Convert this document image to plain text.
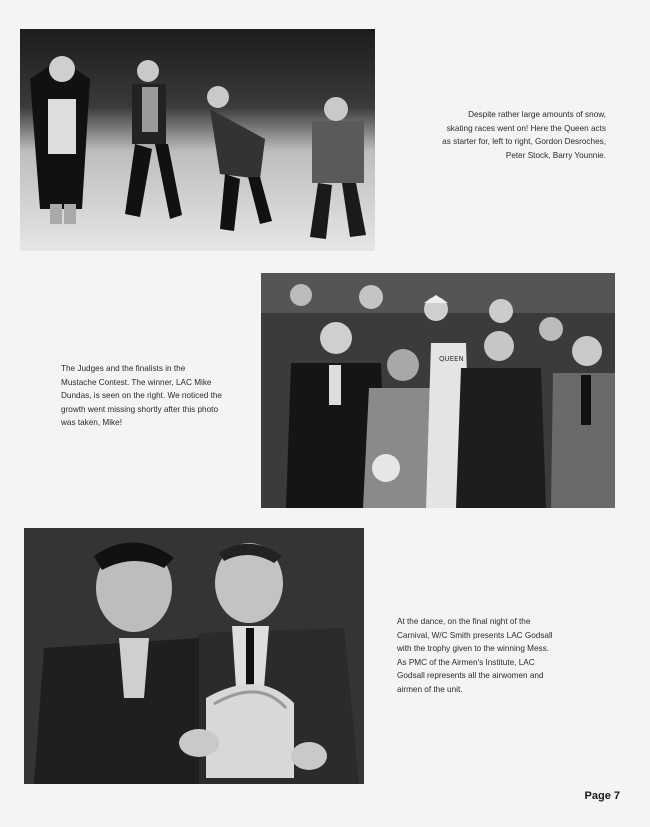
Despite rather large amounts of snow,
skating races went on! Here the Queen acts
as starter for, left to right, Gordon Desroches,
Peter Stock, Barry Younnie.
QUEEN
The Judges and the finalists in the
Mustache Contest. The winner, LAC Mike
Dundas, is seen on the right. We noticed the
growth went missing shortly after this photo
was taken, Mike!
At the dance, on the final night of the
Carnival, W/C Smith presents LAC Godsall
with the trophy given to the winning Mess.
As PMC of the Airmen's Institute, LAC
Godsall represents all the airwomen and
airmen of the unit.
Page 7
